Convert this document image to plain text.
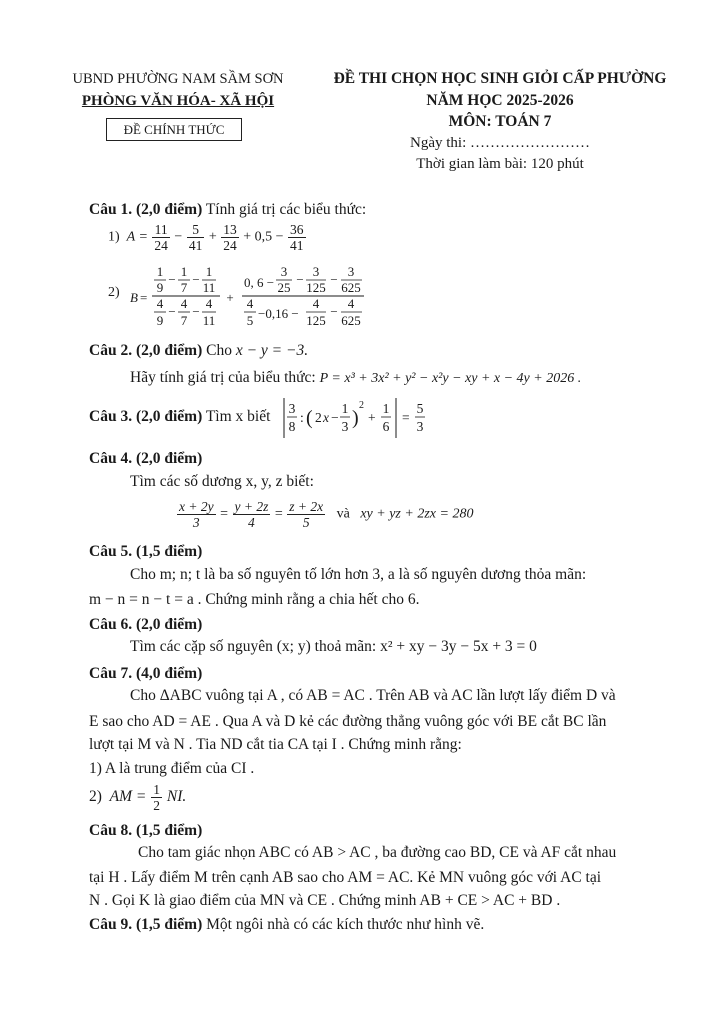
UBND PHƯỜNG NAM SẦM SƠN
PHÒNG VĂN HÓA- XÃ HỘI
ĐỀ CHÍNH THỨC
ĐỀ THI CHỌN HỌC SINH GIỎI CẤP PHƯỜNG
NĂM HỌC 2025-2026
MÔN: TOÁN 7
Ngày thi: ……………………
Thời gian làm bài: 120 phút
Câu 1. (2,0 điểm) Tính giá trị các biểu thức:
1) $A = \frac{11}{24} - \frac{5}{41} + \frac{13}{24} + 0,5 - \frac{36}{41}$
2) B =
1
9
−
1
7
−
1
11
4
9
−
4
7
−
4
11
+
0, 6 −
3
25
−
3
125
−
3
625
4
5 −0,16 −
4
125
−
4
625
Câu 2. (2,0 điểm) Cho x − y = −3.
Hãy tính giá trị của biểu thức: P = x³ + 3x² + y² − x²y − xy + x − 4y + 2026 .
Câu 3. (2,0 điểm) Tìm x biết	3
8
: ( 2 x −
1
3 )
2
+
1
6
=
5
3
Câu 4. (2,0 điểm)
Tìm các số dương x, y, z biết:
$\frac{x + 2y}{3} = \frac{y + 2z}{4} = \frac{z + 2x}{5}$ và xy + yz + 2zx = 280
Câu 5. (1,5 điểm)
Cho m; n; t là ba số nguyên tố lớn hơn 3, a là số nguyên dương thỏa mãn:
m − n = n − t = a . Chứng minh rằng a chia hết cho 6.
Câu 6. (2,0 điểm)
Tìm các cặp số nguyên (x; y) thoả mãn: x² + xy − 3y − 5x + 3 = 0
Câu 7. (4,0 điểm)
Cho ΔABC vuông tại A , có AB = AC . Trên AB và AC lần lượt lấy điểm D và
E sao cho AD = AE . Qua A và D kẻ các đường thẳng vuông góc với BE cắt BC lần
lượt tại M và N . Tia ND cắt tia CA tại I . Chứng minh rằng:
1) A là trung điểm của CI .
2) AM = $\frac{1}{2}$ NI.
Câu 8. (1,5 điểm)
Cho tam giác nhọn ABC có AB > AC , ba đường cao BD, CE và AF cắt nhau
tại H . Lấy điểm M trên cạnh AB sao cho AM = AC. Kẻ MN vuông góc với AC tại
N . Gọi K là giao điểm của MN và CE . Chứng minh AB + CE > AC + BD .
Câu 9. (1,5 điểm) Một ngôi nhà có các kích thước như hình vẽ.
